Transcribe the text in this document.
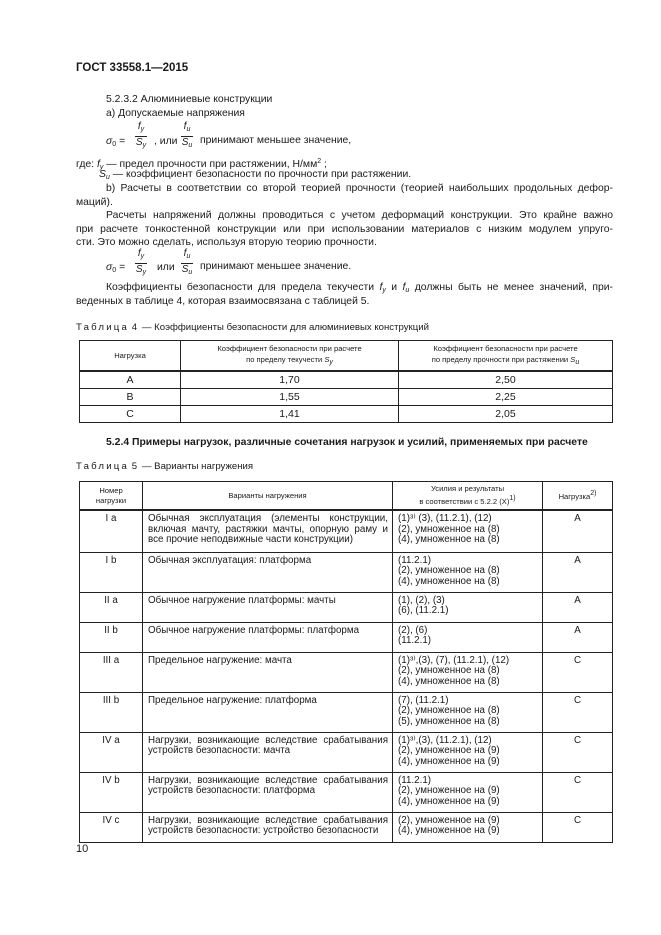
ГОСТ 33558.1—2015
5.2.3.2 Алюминиевые конструкции
а) Допускаемые напряжения
$\sigma_0$ =
$f_y$
$S_y$ , или
$f_u$
$S_u$ принимают меньшее значение,
где: $f_y$ — предел прочности при растяжении, $Н/мм^2$ ;
$S_u$ — коэффициент безопасности по прочности при растяжении.
b) Расчеты в соответствии со второй теорией прочности (теорией наибольших продольных дефор-
маций).
Расчеты напряжений должны проводиться с учетом деформаций конструкции. Это крайне важно
при расчете тонкостенной конструкции или при использовании материалов с низким модулем упруго-
сти. Это можно сделать, используя вторую теорию прочности.
$\sigma_0$ =
$f_y$
$S_y$ или
$f_u$
$S_u$
принимают меньшее значение.
Коэффициенты безопасности для предела текучести $f_y$ и $f_u$ должны быть не менее значений, при-
веденных в таблице 4, которая взаимосвязана с таблицей 5.
Таблица 4 — Коэффициенты безопасности для алюминиевых конструкций
Нагрузка	Коэффициент безопасности при расчете
по пределу текучести Sy	Коэффициент безопасности при расчете
по пределу прочности при растяжении Su
A	1,70	2,50
B	1,55	2,25
C	1,41	2,05
5.2.4 Примеры нагрузок, различные сочетания нагрузок и усилий, применяемых при расчете
Таблица 5 — Варианты нагружения
Номер
нагрузки	Варианты нагружения	Усилия и результаты
в соответствии с 5.2.2 (X)1)	Нагрузка2)
I a	Обычная эксплуатация (элементы конструкции, включая мачту, растяжки мачты, опорную раму и все прочие неподвижные части конструкции)	(1)³⁾ (3), (11.2.1), (12)
(2), умноженное на (8)
(4), умноженное на (8)	A
I b	Обычная эксплуатация: платформа	(11.2.1)
(2), умноженное на (8)
(4), умноженное на (8)	A
II a	Обычное нагружение платформы: мачты	(1), (2), (3)
(6), (11.2.1)	A
II b	Обычное нагружение платформы: платформа	(2), (6)
(11.2.1)	A
III a	Предельное нагружение: мачта	(1)³⁾,(3), (7), (11.2.1), (12)
(2), умноженное на (8)
(4), умноженное на (8)	C
III b	Предельное нагружение: платформа	(7), (11.2.1)
(2), умноженное на (8)
(5), умноженное на (8)	C
IV a	Нагрузки, возникающие вследствие срабатывания устройств безопасности: мачта	(1)³⁾,(3), (11.2.1), (12)
(2), умноженное на (9)
(4), умноженное на (9)	C
IV b	Нагрузки, возникающие вследствие срабатывания устройств безопасности: платформа	(11.2.1)
(2), умноженное на (9)
(4), умноженное на (9)	C
IV c	Нагрузки, возникающие вследствие срабатывания устройств безопасности: устройство безопасности	(2), умноженное на (9)
(4), умноженное на (9)	C
10
